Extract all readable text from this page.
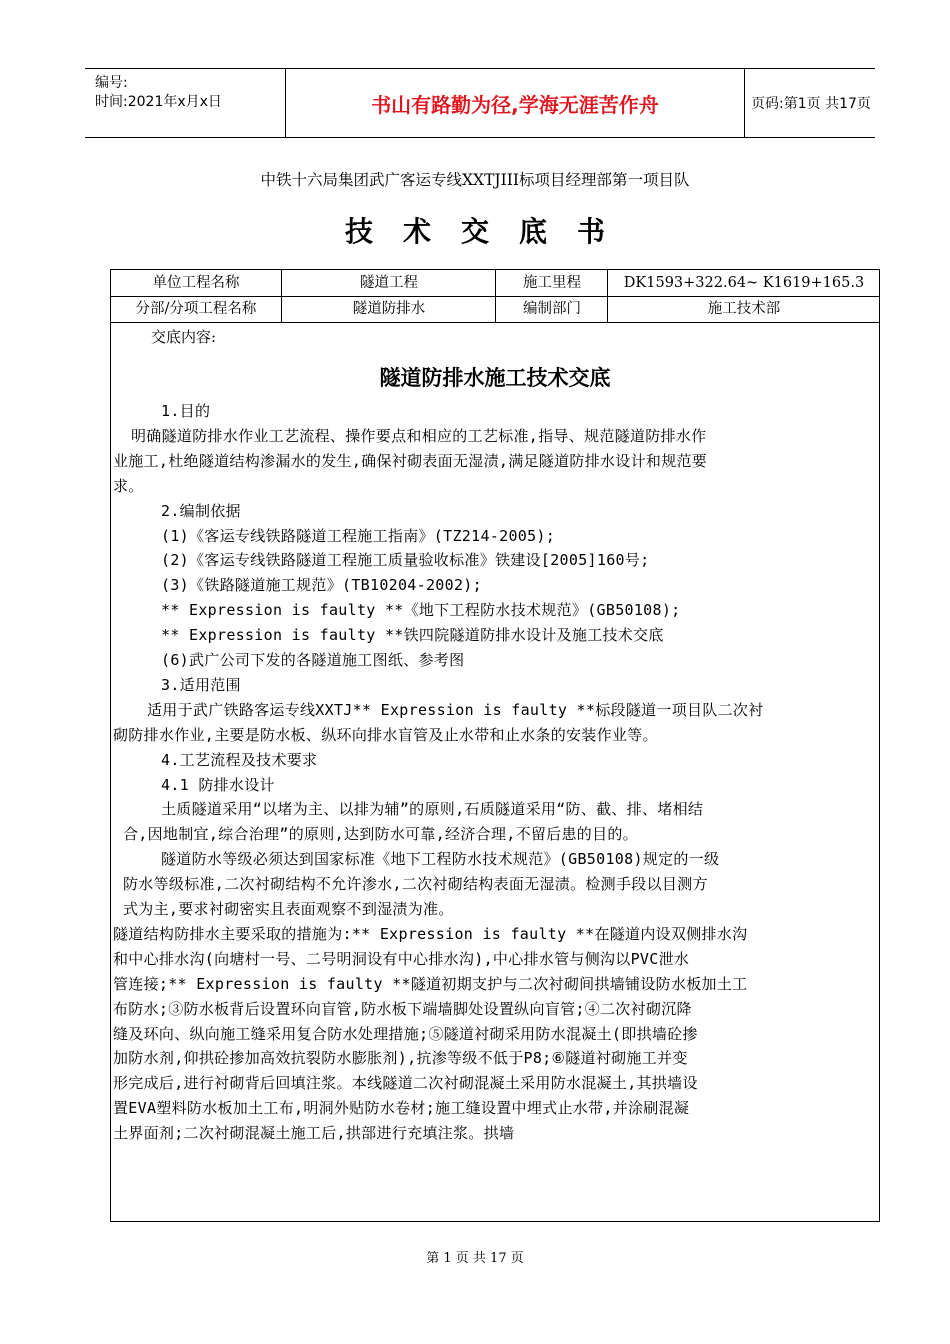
编号:
时间:2021年x月x日	书山有路勤为径,学海无涯苦作舟	页码:第1页 共17页
中铁十六局集团武广客运专线XXTJIII标项目经理部第一项目队
技术交底书
单位工程名称	隧道工程	施工里程	DK1593+322.64~ K1619+165.3
分部/分项工程名称	隧道防排水	编制部门	施工技术部
交底内容:
隧道防排水施工技术交底
1.目的
明确隧道防排水作业工艺流程、操作要点和相应的工艺标准,指导、规范隧道防排水作
业施工,杜绝隧道结构渗漏水的发生,确保衬砌表面无湿渍,满足隧道防排水设计和规范要
求。
2.编制依据
(1)《客运专线铁路隧道工程施工指南》(TZ214-2005);
(2)《客运专线铁路隧道工程施工质量验收标准》铁建设[2005]160号;
(3)《铁路隧道施工规范》(TB10204-2002);
** Expression is faulty **《地下工程防水技术规范》(GB50108);
** Expression is faulty **铁四院隧道防排水设计及施工技术交底
(6)武广公司下发的各隧道施工图纸、参考图
3.适用范围
适用于武广铁路客运专线XXTJ** Expression is faulty **标段隧道一项目队二次衬
砌防排水作业,主要是防水板、纵环向排水盲管及止水带和止水条的安装作业等。
4.工艺流程及技术要求
4.1 防排水设计
土质隧道采用“以堵为主、以排为辅”的原则,石质隧道采用“防、截、排、堵相结
合,因地制宜,综合治理”的原则,达到防水可靠,经济合理,不留后患的目的。
隧道防水等级必须达到国家标准《地下工程防水技术规范》(GB50108)规定的一级
防水等级标准,二次衬砌结构不允许渗水,二次衬砌结构表面无湿渍。检测手段以目测方
式为主,要求衬砌密实且表面观察不到湿渍为准。
隧道结构防排水主要采取的措施为:** Expression is faulty **在隧道内设双侧排水沟
和中心排水沟(向塘村一号、二号明洞设有中心排水沟),中心排水管与侧沟以PVC泄水
管连接;** Expression is faulty **隧道初期支护与二次衬砌间拱墙铺设防水板加土工
布防水;③防水板背后设置环向盲管,防水板下端墙脚处设置纵向盲管;④二次衬砌沉降
缝及环向、纵向施工缝采用复合防水处理措施;⑤隧道衬砌采用防水混凝土(即拱墙砼掺
加防水剂,仰拱砼掺加高效抗裂防水膨胀剂),抗渗等级不低于P8;⑥隧道衬砌施工并变
形完成后,进行衬砌背后回填注浆。本线隧道二次衬砌混凝土采用防水混凝土,其拱墙设
置EVA塑料防水板加土工布,明洞外贴防水卷材;施工缝设置中埋式止水带,并涂刷混凝
土界面剂;二次衬砌混凝土施工后,拱部进行充填注浆。拱墙
第 1 页 共 17 页
